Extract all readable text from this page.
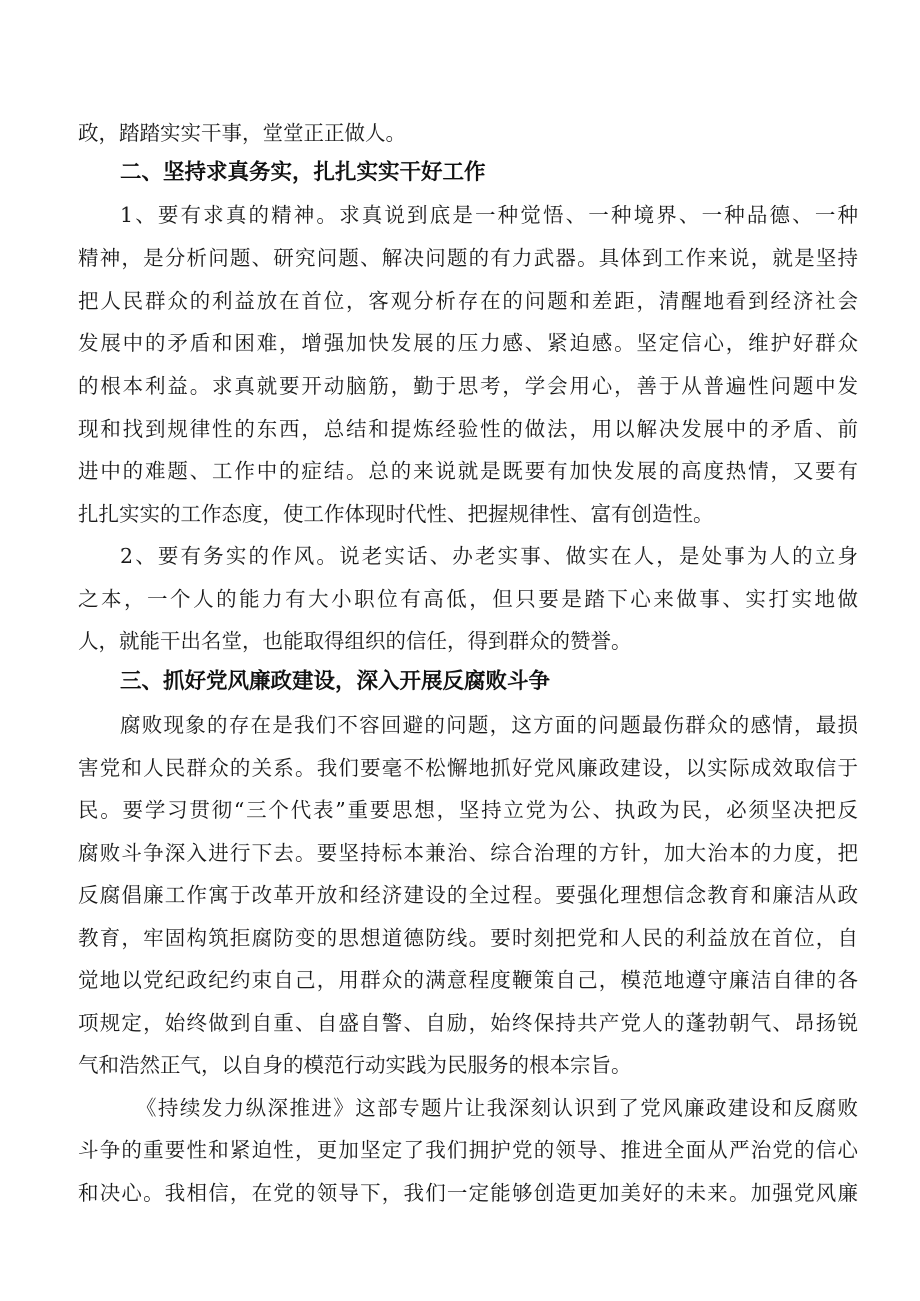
政，踏踏实实干事，堂堂正正做人。
二、坚持求真务实，扎扎实实干好工作
1、要有求真的精神。求真说到底是一种觉悟、一种境界、一种品德、一种
精神，是分析问题、研究问题、解决问题的有力武器。具体到工作来说，就是坚持
把人民群众的利益放在首位，客观分析存在的问题和差距，清醒地看到经济社会
发展中的矛盾和困难，增强加快发展的压力感、紧迫感。坚定信心，维护好群众
的根本利益。求真就要开动脑筋，勤于思考，学会用心，善于从普遍性问题中发
现和找到规律性的东西，总结和提炼经验性的做法，用以解决发展中的矛盾、前
进中的难题、工作中的症结。总的来说就是既要有加快发展的高度热情，又要有
扎扎实实的工作态度，使工作体现时代性、把握规律性、富有创造性。
2、要有务实的作风。说老实话、办老实事、做实在人，是处事为人的立身
之本，一个人的能力有大小职位有高低，但只要是踏下心来做事、实打实地做
人，就能干出名堂，也能取得组织的信任，得到群众的赞誉。
三、抓好党风廉政建设，深入开展反腐败斗争
腐败现象的存在是我们不容回避的问题，这方面的问题最伤群众的感情，最损
害党和人民群众的关系。我们要毫不松懈地抓好党风廉政建设，以实际成效取信于
民。要学习贯彻“三个代表”重要思想，坚持立党为公、执政为民，必须坚决把反
腐败斗争深入进行下去。要坚持标本兼治、综合治理的方针，加大治本的力度，把
反腐倡廉工作寓于改革开放和经济建设的全过程。要强化理想信念教育和廉洁从政
教育，牢固构筑拒腐防变的思想道德防线。要时刻把党和人民的利益放在首位，自
觉地以党纪政纪约束自己，用群众的满意程度鞭策自己，模范地遵守廉洁自律的各
项规定，始终做到自重、自盛自警、自励，始终保持共产党人的蓬勃朝气、昂扬锐
气和浩然正气，以自身的模范行动实践为民服务的根本宗旨。
《持续发力纵深推进》这部专题片让我深刻认识到了党风廉政建设和反腐败
斗争的重要性和紧迫性，更加坚定了我们拥护党的领导、推进全面从严治党的信心
和决心。我相信，在党的领导下，我们一定能够创造更加美好的未来。加强党风廉
